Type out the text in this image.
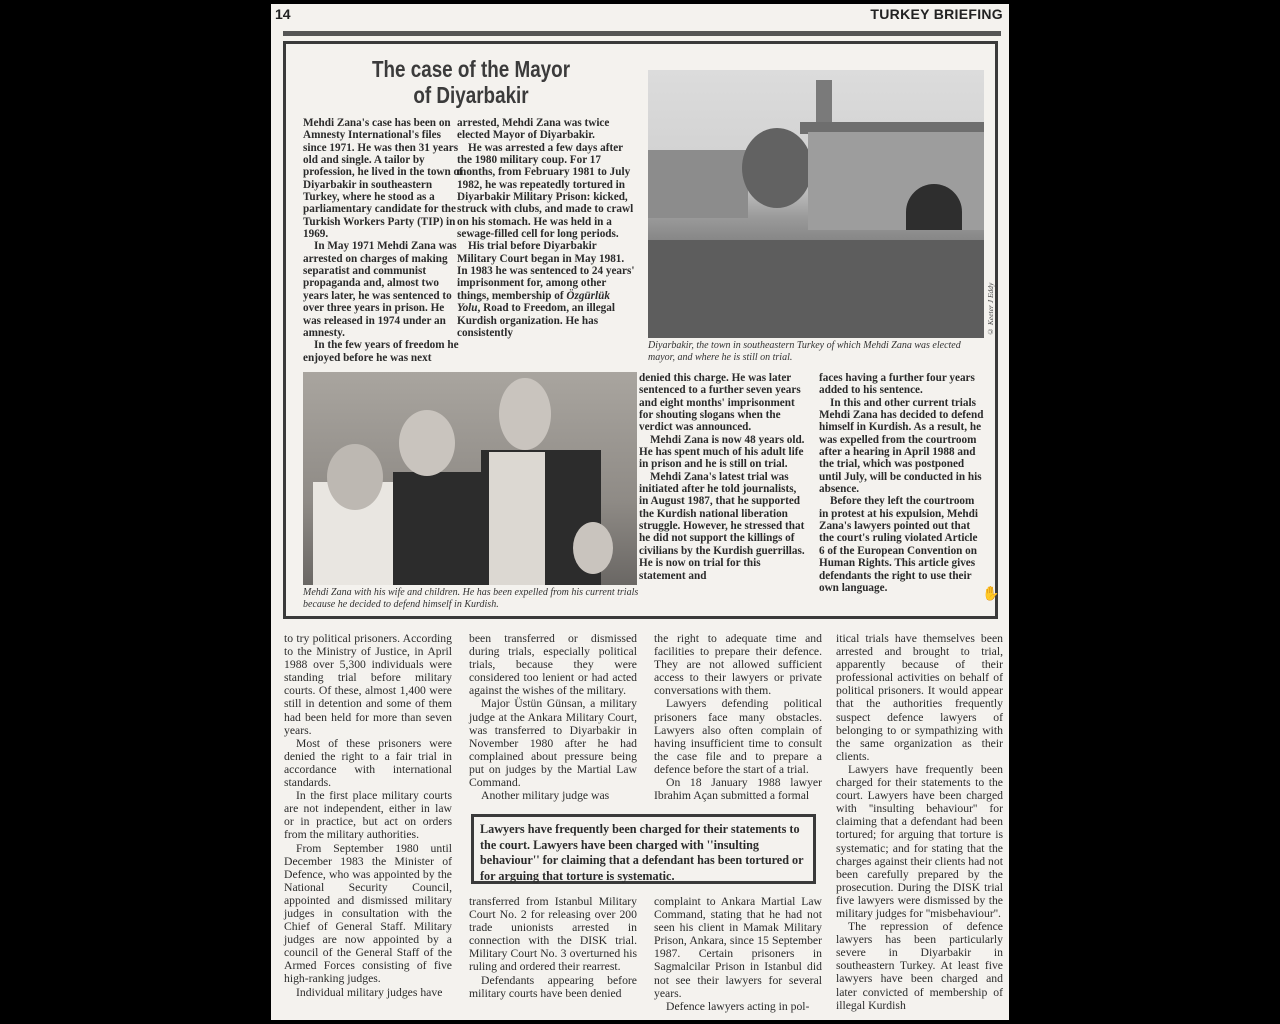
14	TURKEY BRIEFING
The case of the Mayor
of Diyarbakir

Mehdi Zana's case has been on Amnesty International's files since 1971. He was then 31 years old and single. A tailor by profession, he lived in the town of Diyarbakir in southeastern Turkey, where he stood as a parliamentary candidate for the Turkish Workers Party (TIP) in 1969.

In May 1971 Mehdi Zana was arrested on charges of making separatist and communist propaganda and, almost two years later, he was sentenced to over three years in prison. He was released in 1974 under an amnesty.

In the few years of freedom he enjoyed before he was next

arrested, Mehdi Zana was twice elected Mayor of Diyarbakir.

He was arrested a few days after the 1980 military coup. For 17 months, from February 1981 to July 1982, he was repeatedly tortured in Diyarbakir Military Prison: kicked, struck with clubs, and made to crawl on his stomach. He was held in a sewage-filled cell for long periods.

His trial before Diyarbakir Military Court began in May 1981. In 1983 he was sentenced to 24 years' imprisonment for, among other things, membership of Özgürlük Yolu, Road to Freedom, an illegal Kurdish organization. He has consistently	© Keeter J Eddy
Diyarbakir, the town in southeastern Turkey of which Mehdi Zana was elected mayor, and where he is still on trial.
Mehdi Zana with his wife and children. He has been expelled from his current trials because he decided to defend himself in Kurdish.

denied this charge. He was later sentenced to a further seven years and eight months' imprisonment for shouting slogans when the verdict was announced.

Mehdi Zana is now 48 years old. He has spent much of his adult life in prison and he is still on trial.

Mehdi Zana's latest trial was initiated after he told journalists, in August 1987, that he supported the Kurdish national liberation struggle. However, he stressed that he did not support the killings of civilians by the Kurdish guerrillas. He is now on trial for this statement and

faces having a further four years added to his sentence.

In this and other current trials Mehdi Zana has decided to defend himself in Kurdish. As a result, he was expelled from the courtroom after a hearing in April 1988 and the trial, which was postponed until July, will be conducted in his absence.

Before they left the courtroom in protest at his expulsion, Mehdi Zana's lawyers pointed out that the court's ruling violated Article 6 of the European Convention on Human Rights. This article gives defendants the right to use their own language.	✋

to try political prisoners. According to the Ministry of Justice, in April 1988 over 5,300 individuals were standing trial before military courts. Of these, almost 1,400 were still in detention and some of them had been held for more than seven years.

Most of these prisoners were denied the right to a fair trial in accordance with international standards.

In the first place military courts are not independent, either in law or in practice, but act on orders from the military authorities.

From September 1980 until December 1983 the Minister of Defence, who was appointed by the National Security Council, appointed and dismissed military judges in consultation with the Chief of General Staff. Military judges are now appointed by a council of the General Staff of the Armed Forces consisting of five high-ranking judges.

Individual military judges have

been transferred or dismissed during trials, especially political trials, because they were considered too lenient or had acted against the wishes of the military.

Major Üstün Günsan, a military judge at the Ankara Military Court, was transferred to Diyarbakir in November 1980 after he had complained about pressure being put on judges by the Martial Law Command.

Another military judge was

the right to adequate time and facilities to prepare their defence. They are not allowed sufficient access to their lawyers or private conversations with them.

Lawyers defending political prisoners face many obstacles. Lawyers also often complain of having insufficient time to consult the case file and to prepare a defence before the start of a trial.

On 18 January 1988 lawyer Ibrahim Açan submitted a formal

Lawyers have frequently been charged for their statements to the court. Lawyers have been charged with ''insulting behaviour'' for claiming that a defendant has been tortured or for arguing that torture is systematic.

transferred from Istanbul Military Court No. 2 for releasing over 200 trade unionists arrested in connection with the DISK trial. Military Court No. 3 overturned his ruling and ordered their rearrest.

Defendants appearing before military courts have been denied

complaint to Ankara Martial Law Command, stating that he had not seen his client in Mamak Military Prison, Ankara, since 15 September 1987. Certain prisoners in Sagmalcilar Prison in Istanbul did not see their lawyers for several years.

Defence lawyers acting in pol-

itical trials have themselves been arrested and brought to trial, apparently because of their professional activities on behalf of political prisoners. It would appear that the authorities frequently suspect defence lawyers of belonging to or sympathizing with the same organization as their clients.

Lawyers have frequently been charged for their statements to the court. Lawyers have been charged with ''insulting behaviour'' for claiming that a defendant had been tortured; for arguing that torture is systematic; and for stating that the charges against their clients had not been carefully prepared by the prosecution. During the DISK trial five lawyers were dismissed by the military judges for ''misbehaviour''.

The repression of defence lawyers has been particularly severe in Diyarbakir in southeastern Turkey. At least five lawyers have been charged and later convicted of membership of illegal Kurdish
